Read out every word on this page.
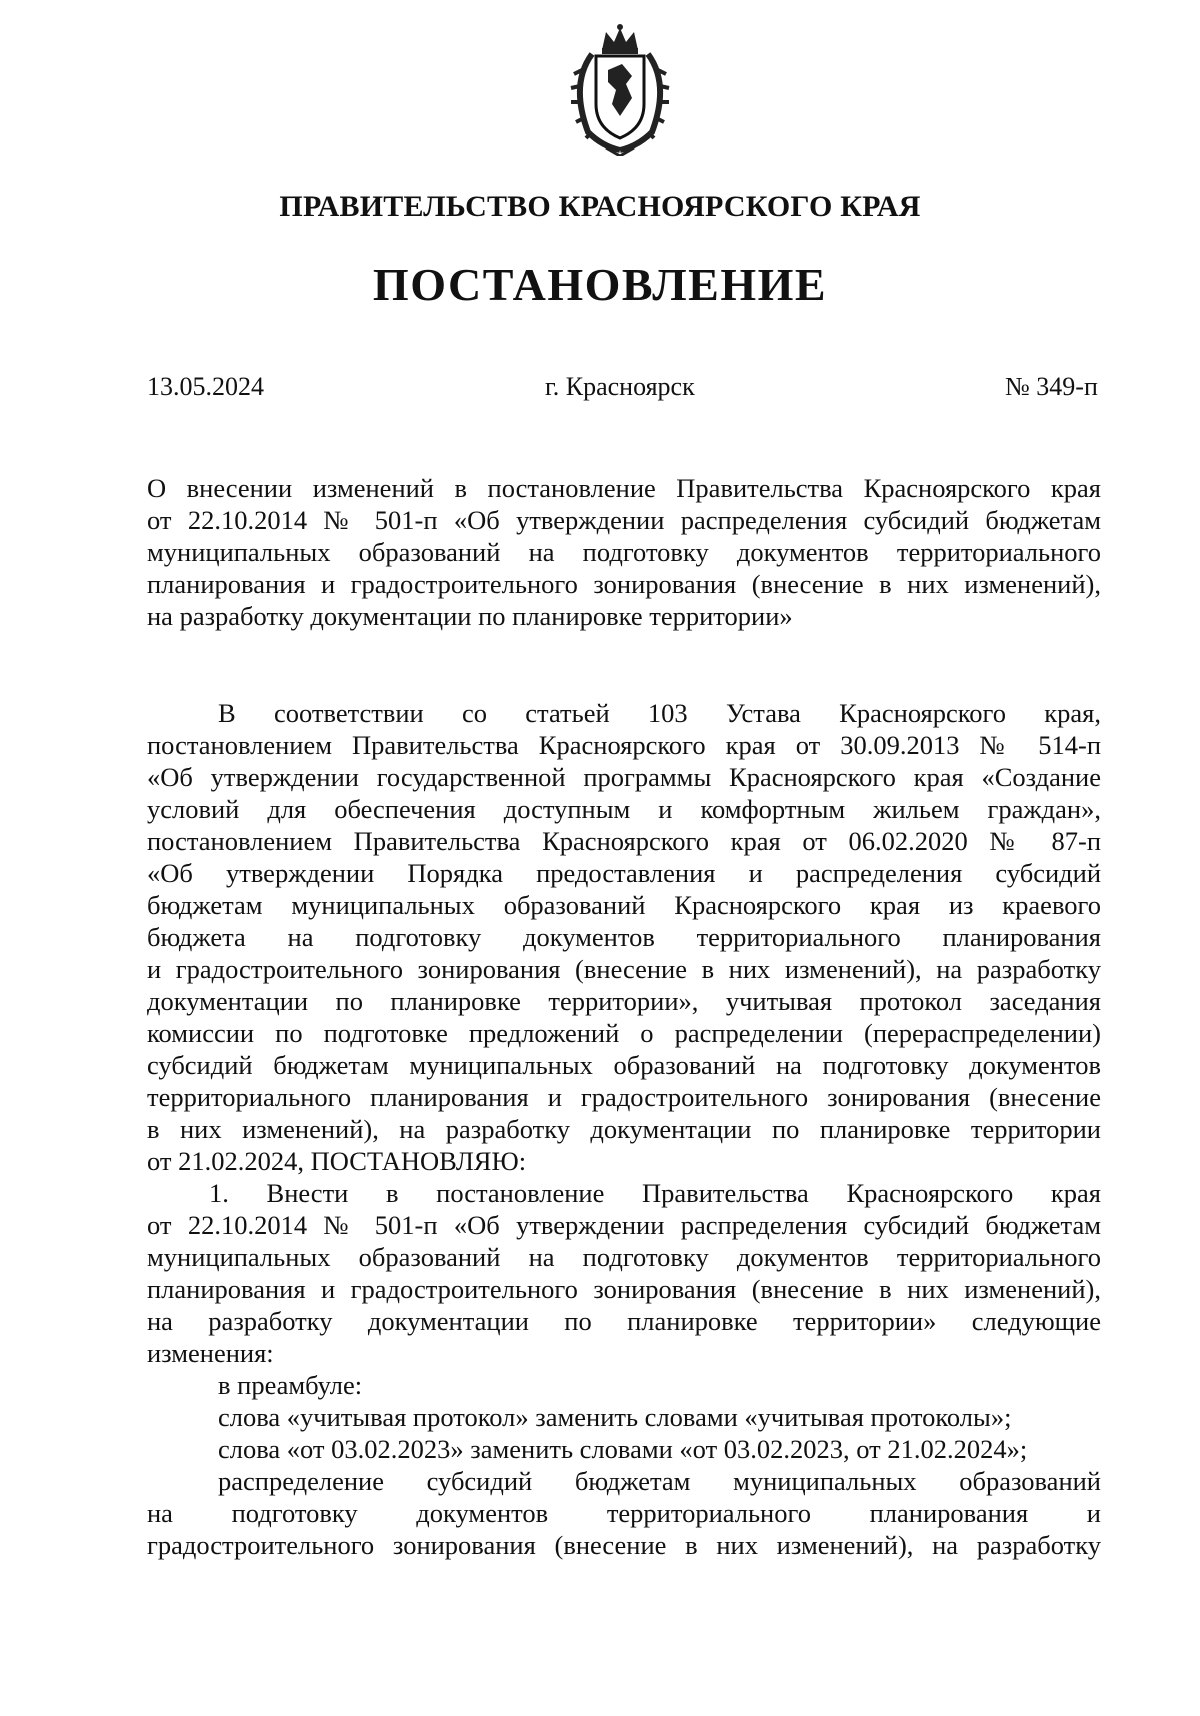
ПРАВИТЕЛЬСТВО КРАСНОЯРСКОГО КРАЯ
ПОСТАНОВЛЕНИЕ
13.05.2024	г. Красноярск	№ 349-п
О внесении изменений в постановление Правительства Красноярского края
от 22.10.2014 № 501-п «Об утверждении распределения субсидий бюджетам
муниципальных образований на подготовку документов территориального
планирования и градостроительного зонирования (внесение в них изменений),
на разработку документации по планировке территории»
В соответствии со статьей 103 Устава Красноярского края,
постановлением Правительства Красноярского края от 30.09.2013 № 514-п
«Об утверждении государственной программы Красноярского края «Создание
условий для обеспечения доступным и комфортным жильем граждан»,
постановлением Правительства Красноярского края от 06.02.2020 № 87-п
«Об утверждении Порядка предоставления и распределения субсидий
бюджетам муниципальных образований Красноярского края из краевого
бюджета на подготовку документов территориального планирования
и градостроительного зонирования (внесение в них изменений), на разработку
документации по планировке территории», учитывая протокол заседания
комиссии по подготовке предложений о распределении (перераспределении)
субсидий бюджетам муниципальных образований на подготовку документов
территориального планирования и градостроительного зонирования (внесение
в них изменений), на разработку документации по планировке территории
от 21.02.2024, ПОСТАНОВЛЯЮ:
1. Внести в постановление Правительства Красноярского края
от 22.10.2014 № 501-п «Об утверждении распределения субсидий бюджетам
муниципальных образований на подготовку документов территориального
планирования и градостроительного зонирования (внесение в них изменений),
на разработку документации по планировке территории» следующие
изменения:
в преамбуле:
слова «учитывая протокол» заменить словами «учитывая протоколы»;
слова «от 03.02.2023» заменить словами «от 03.02.2023, от 21.02.2024»;
распределение субсидий бюджетам муниципальных образований
на подготовку документов территориального планирования и
градостроительного зонирования (внесение в них изменений), на разработку
